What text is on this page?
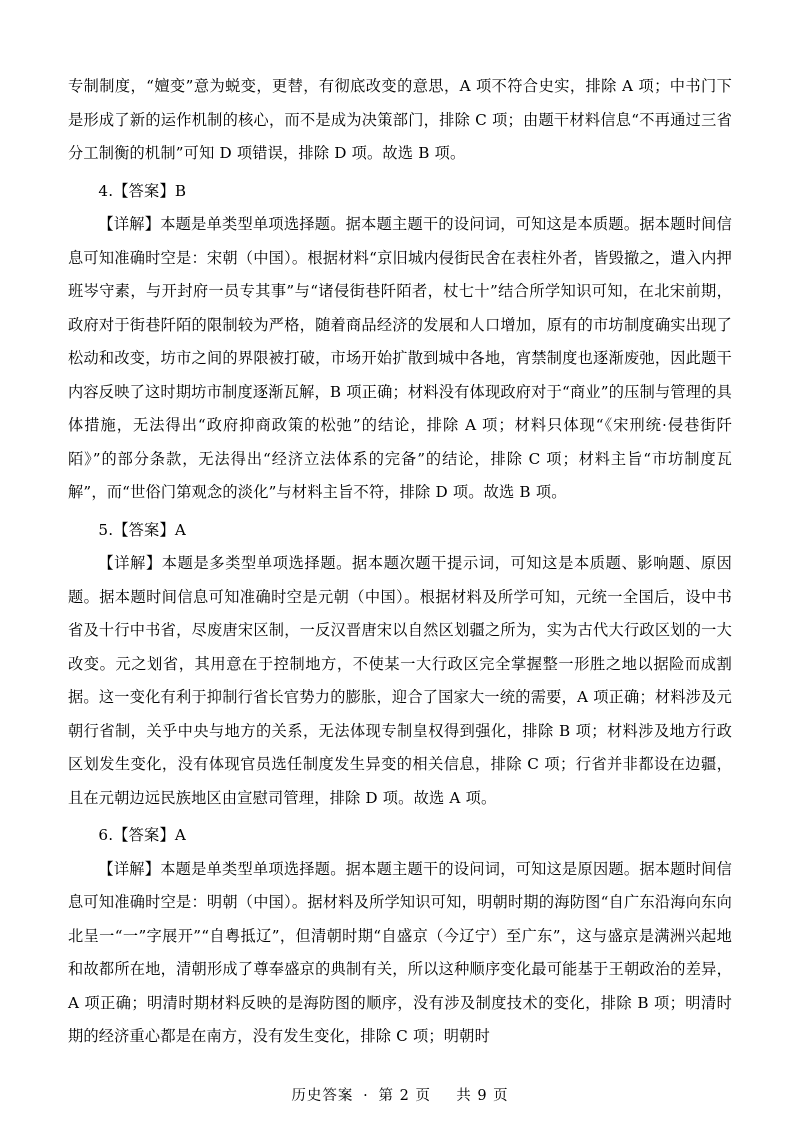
专制制度，“嬗变”意为蜕变，更替，有彻底改变的意思，A 项不符合史实，排除 A 项；中书门下是形成了新的运作机制的核心，而不是成为决策部门，排除 C 项；由题干材料信息“不再通过三省分工制衡的机制”可知 D 项错误，排除 D 项。故选 B 项。

4.【答案】B

【详解】本题是单类型单项选择题。据本题主题干的设问词，可知这是本质题。据本题时间信息可知准确时空是：宋朝（中国）。根据材料“京旧城内侵街民舍在表柱外者，皆毁撤之，遣入内押班岑守素，与开封府一员专其事”与“诸侵街巷阡陌者，杖七十”结合所学知识可知，在北宋前期，政府对于街巷阡陌的限制较为严格，随着商品经济的发展和人口增加，原有的市坊制度确实出现了松动和改变，坊市之间的界限被打破，市场开始扩散到城中各地，宵禁制度也逐渐废弛，因此题干内容反映了这时期坊市制度逐渐瓦解，B 项正确；材料没有体现政府对于“商业”的压制与管理的具体措施，无法得出“政府抑商政策的松弛”的结论，排除 A 项；材料只体现“《宋刑统·侵巷街阡陌》”的部分条款，无法得出“经济立法体系的完备”的结论，排除 C 项；材料主旨“市坊制度瓦解”，而“世俗门第观念的淡化”与材料主旨不符，排除 D 项。故选 B 项。

5.【答案】A

【详解】本题是多类型单项选择题。据本题次题干提示词，可知这是本质题、影响题、原因题。据本题时间信息可知准确时空是元朝（中国）。根据材料及所学可知，元统一全国后，设中书省及十行中书省，尽废唐宋区制，一反汉晋唐宋以自然区划疆之所为，实为古代大行政区划的一大改变。元之划省，其用意在于控制地方，不使某一大行政区完全掌握整一形胜之地以据险而成割据。这一变化有利于抑制行省长官势力的膨胀，迎合了国家大一统的需要，A 项正确；材料涉及元朝行省制，关乎中央与地方的关系，无法体现专制皇权得到强化，排除 B 项；材料涉及地方行政区划发生变化，没有体现官员选任制度发生异变的相关信息，排除 C 项；行省并非都设在边疆，且在元朝边远民族地区由宣慰司管理，排除 D 项。故选 A 项。

6.【答案】A

【详解】本题是单类型单项选择题。据本题主题干的设问词，可知这是原因题。据本题时间信息可知准确时空是：明朝（中国）。据材料及所学知识可知，明朝时期的海防图“自广东沿海向东向北呈一“一”字展开”“自粤抵辽”，但清朝时期“自盛京（今辽宁）至广东”，这与盛京是满洲兴起地和故都所在地，清朝形成了尊奉盛京的典制有关，所以这种顺序变化最可能基于王朝政治的差异，A 项正确；明清时期材料反映的是海防图的顺序，没有涉及制度技术的变化，排除 B 项；明清时期的经济重心都是在南方，没有发生变化，排除 C 项；明朝时

历史答案 · 第 2 页 共 9 页
